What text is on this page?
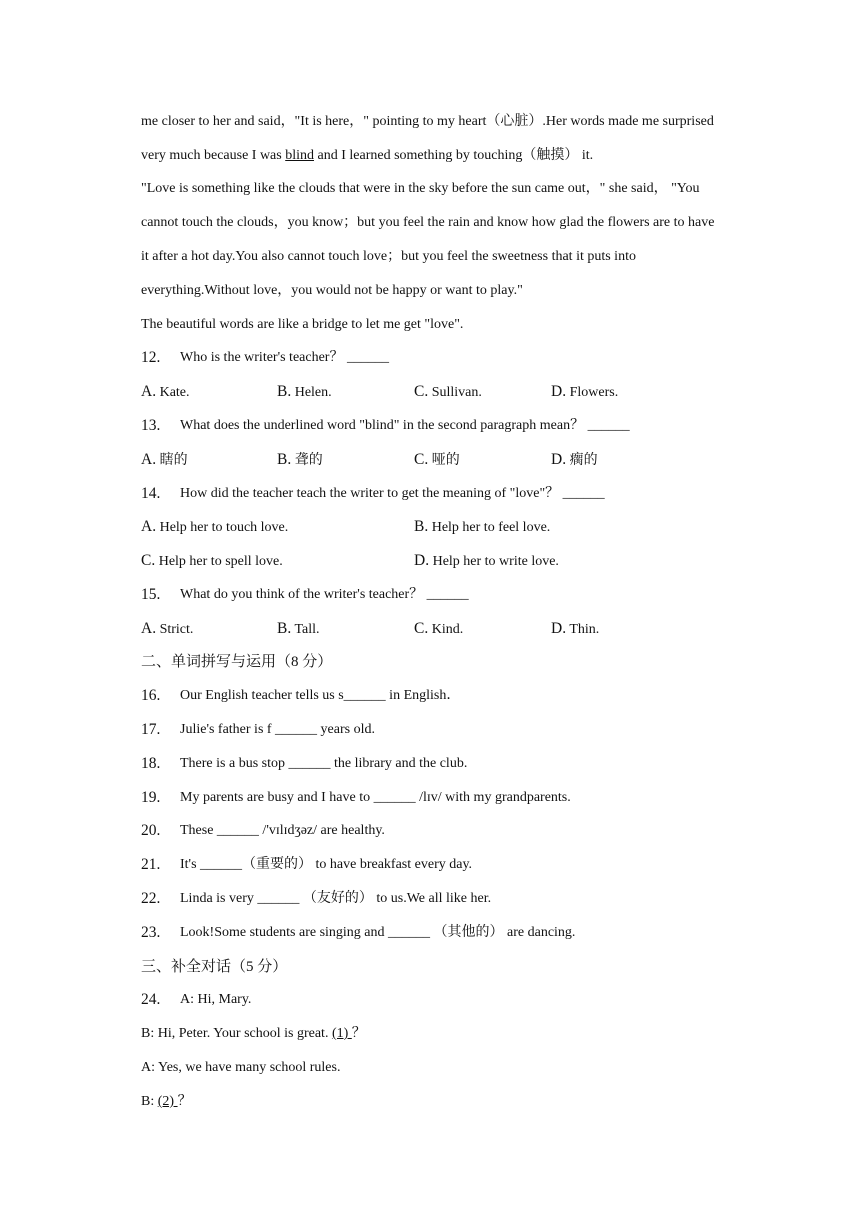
me closer to her and said，"It is here，" pointing to my heart（心脏）.Her words made me surprised
very much because I was blind and I learned something by touching（触摸） it.
"Love is something like the clouds that were in the sky before the sun came out，" she said， "You
cannot touch the clouds，you know；but you feel the rain and know how glad the flowers are to have
it after a hot day.You also cannot touch love；but you feel the sweetness that it puts into
everything.Without love，you would not be happy or want to play."
The beautiful words are like a bridge to let me get "love".
12. Who is the writer's teacher？ ______
A. Kate.	B. Helen.	C. Sullivan.	D. Flowers.
13. What does the underlined word "blind" in the second paragraph mean？ ______
A. 瞎的	B. 聋的	C. 哑的	D. 瘸的
14. How did the teacher teach the writer to get the meaning of "love"？ ______
A. Help her to touch love.	B. Help her to feel love.
C. Help her to spell love.	D. Help her to write love.
15. What do you think of the writer's teacher？ ______
A. Strict.	B. Tall.	C. Kind.	D. Thin.
二、单词拼写与运用（8 分）
16. Our English teacher tells us s______ in English．
17. Julie's father is f ______ years old.
18. There is a bus stop ______ the library and the club.
19. My parents are busy and I have to ______ /lɪv/ with my grandparents.
20. These ______ /'vɪlɪdʒəz/ are healthy.
21. It's ______（重要的） to have breakfast every day.
22. Linda is very ______ （友好的） to us.We all like her.
23. Look!Some students are singing and ______ （其他的） are dancing.
三、补全对话（5 分）
24. A: Hi, Mary.
B: Hi, Peter. Your school is great. (1) ？
A: Yes, we have many school rules.
B: (2) ？
